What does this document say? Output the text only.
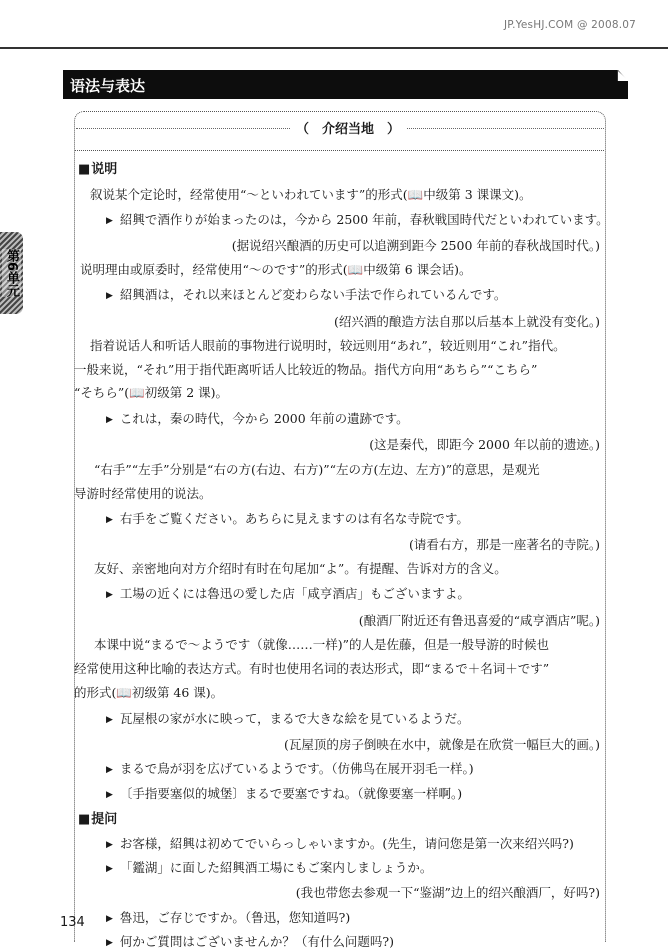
JP.YesHJ.COM @ 2008.07
语法与表达
第6单元
（　介绍当地　）
■ 说明
叙说某个定论时，经常使用“～といわれています”的形式(📖中级第 3 课课文)。
▶ 紹興で酒作りが始まったのは，今から 2500 年前，春秋戦国時代だといわれています。
(据说绍兴酿酒的历史可以追溯到距今 2500 年前的春秋战国时代。)
说明理由或原委时，经常使用“～のです”的形式(📖中级第 6 课会话)。
▶ 紹興酒は，それ以来ほとんど変わらない手法で作られているんです。
(绍兴酒的酿造方法自那以后基本上就没有变化。)
指着说话人和听话人眼前的事物进行说明时，较远则用“あれ”，较近则用“これ”指代。
一般来说，“それ”用于指代距离听话人比较近的物品。指代方向用“あちら”“こちら”
“そちら”(📖初级第 2 课)。
▶ これは，秦の時代，今から 2000 年前の遺跡です。
(这是秦代，即距今 2000 年以前的遗迹。)
“右手”“左手”分别是“右の方(右边、右方)”“左の方(左边、左方)”的意思，是观光
导游时经常使用的说法。
▶ 右手をご覧ください。あちらに見えますのは有名な寺院です。
(请看右方，那是一座著名的寺院。)
友好、亲密地向对方介绍时有时在句尾加“よ”。有提醒、告诉对方的含义。
▶ 工場の近くには魯迅の愛した店「咸亨酒店」もございますよ。
(酿酒厂附近还有鲁迅喜爱的“咸亨酒店”呢。)
本课中说“まるで～ようです（就像……一样)”的人是佐藤，但是一般导游的时候也
经常使用这种比喻的表达方式。有时也使用名词的表达形式，即“まるで＋名词＋です”
的形式(📖初级第 46 课)。
▶ 瓦屋根の家が水に映って，まるで大きな絵を見ているようだ。
(瓦屋顶的房子倒映在水中，就像是在欣赏一幅巨大的画。)
▶ まるで鳥が羽を広げているようです。（仿佛鸟在展开羽毛一样。)
▶ 〔手指要塞似的城堡〕まるで要塞ですね。（就像要塞一样啊。)
■ 提问
▶ お客様，紹興は初めてでいらっしゃいますか。(先生，请问您是第一次来绍兴吗?)
▶ 「鑑湖」に面した紹興酒工場にもご案内しましょうか。
(我也带您去参观一下“鉴湖”边上的绍兴酿酒厂，好吗?)
▶ 魯迅，ご存じですか。（鲁迅，您知道吗?)
▶ 何かご質問はございませんか？（有什么问题吗?)
134
